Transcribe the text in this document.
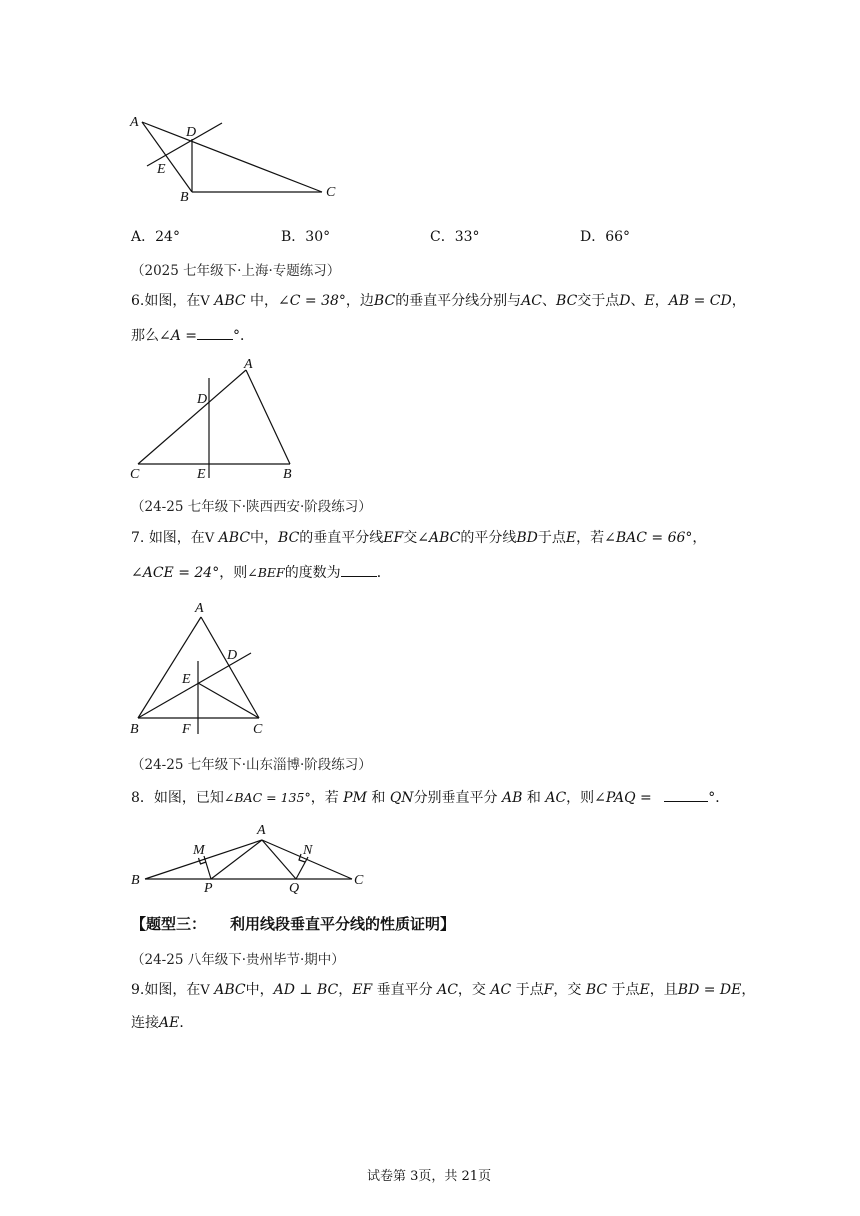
A
D
E
B	C
A．24°	B．30°	C．33°	D．66°
（2025 七年级下·上海·专题练习）
6.如图，在V ABC 中，∠C = 38°，边BC的垂直平分线分别与AC、BC交于点D、E，AB = CD，
那么∠A =	°．
A
D
C	E	B
（24-25 七年级下·陕西西安·阶段练习）
7. 如图，在V ABC中，BC的垂直平分线EF交∠ABC的平分线BD于点E，若∠BAC = 66°，
∠ACE = 24°，则∠BEF的度数为	．
A
D
E
B	F	C
（24-25 七年级下·山东淄博·阶段练习）
8．如图，已知∠BAC = 135°，若 PM 和 QN分别垂直平分 AB 和 AC，则∠PAQ =	°．
A
M	N
B
P	Q
C
【题型三： 利用线段垂直平分线的性质证明】
（24-25 八年级下·贵州毕节·期中）
9.如图，在V ABC中，AD ⊥ BC，EF 垂直平分 AC，交 AC 于点F，交 BC 于点E，且BD = DE，
连接AE．
试卷第 3页，共 21页
